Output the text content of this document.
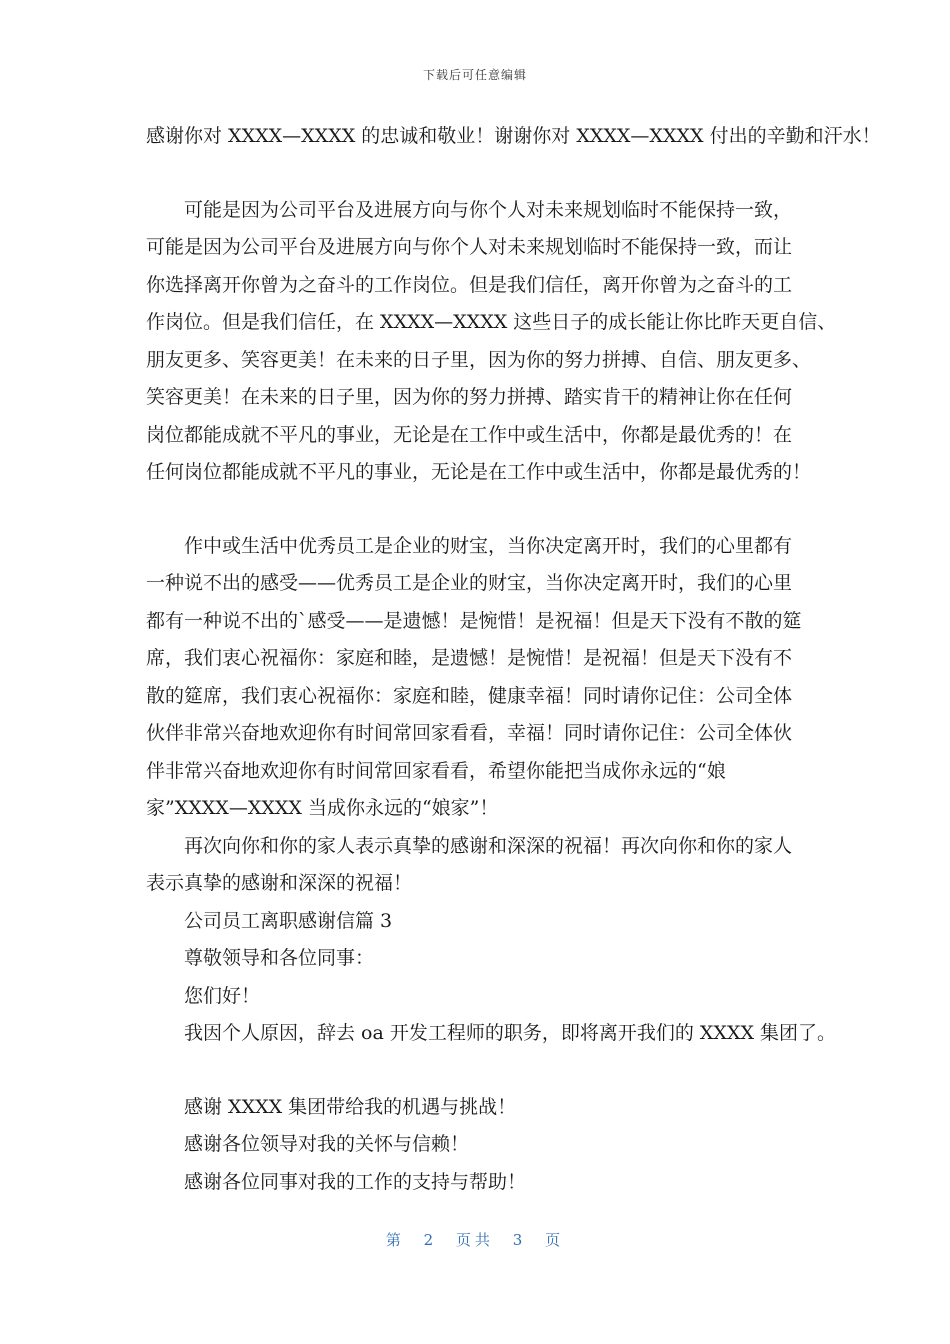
下载后可任意编辑

感谢你对 XXXX—XXXX 的忠诚和敬业！谢谢你对 XXXX—XXXX 付出的辛勤和汗水！

可能是因为公司平台及进展方向与你个人对未来规划临时不能保持一致，

可能是因为公司平台及进展方向与你个人对未来规划临时不能保持一致，而让

你选择离开你曾为之奋斗的工作岗位。但是我们信任，离开你曾为之奋斗的工

作岗位。但是我们信任，在 XXXX—XXXX 这些日子的成长能让你比昨天更自信、

朋友更多、笑容更美！在未来的日子里，因为你的努力拼搏、自信、朋友更多、

笑容更美！在未来的日子里，因为你的努力拼搏、踏实肯干的精神让你在任何

岗位都能成就不平凡的事业，无论是在工作中或生活中，你都是最优秀的！在

任何岗位都能成就不平凡的事业，无论是在工作中或生活中，你都是最优秀的！

作中或生活中优秀员工是企业的财宝，当你决定离开时，我们的心里都有

一种说不出的感受——优秀员工是企业的财宝，当你决定离开时，我们的心里

都有一种说不出的`感受——是遗憾！是惋惜！是祝福！但是天下没有不散的筵

席，我们衷心祝福你：家庭和睦，是遗憾！是惋惜！是祝福！但是天下没有不

散的筵席，我们衷心祝福你：家庭和睦，健康幸福！同时请你记住：公司全体

伙伴非常兴奋地欢迎你有时间常回家看看，幸福！同时请你记住：公司全体伙

伴非常兴奋地欢迎你有时间常回家看看，希望你能把当成你永远的“娘

家”XXXX—XXXX 当成你永远的“娘家”！

再次向你和你的家人表示真挚的感谢和深深的祝福！再次向你和你的家人

表示真挚的感谢和深深的祝福！

公司员工离职感谢信篇 3

尊敬领导和各位同事：

您们好！

我因个人原因，辞去 oa 开发工程师的职务，即将离开我们的 XXXX 集团了。

感谢 XXXX 集团带给我的机遇与挑战！

感谢各位领导对我的关怀与信赖！

感谢各位同事对我的工作的支持与帮助！

第 2 页共 3 页
